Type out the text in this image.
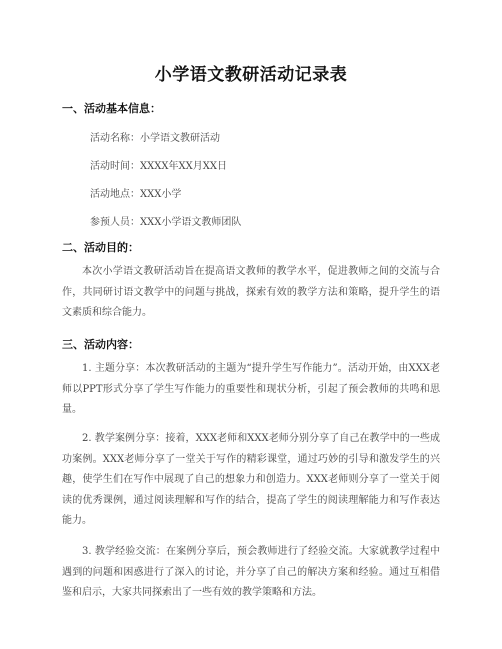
小学语文教研活动记录表
一、活动基本信息：

活动名称：小学语文教研活动

活动时间：XXXX年XX月XX日

活动地点：XXX小学

参预人员：XXX小学语文教师团队

二、活动目的：

本次小学语文教研活动旨在提高语文教师的教学水平，促进教师之间的交流与合作，共同研讨语文教学中的问题与挑战，探索有效的教学方法和策略，提升学生的语文素质和综合能力。

三、活动内容：

1. 主题分享：本次教研活动的主题为“提升学生写作能力”。活动开始，由XXX老师以PPT形式分享了学生写作能力的重要性和现状分析，引起了预会教师的共鸣和思量。

2. 教学案例分享：接着，XXX老师和XXX老师分别分享了自己在教学中的一些成功案例。XXX老师分享了一堂关于写作的精彩课堂，通过巧妙的引导和激发学生的兴趣，使学生们在写作中展现了自己的想象力和创造力。XXX老师则分享了一堂关于阅读的优秀课例，通过阅读理解和写作的结合，提高了学生的阅读理解能力和写作表达能力。

3. 教学经验交流：在案例分享后，预会教师进行了经验交流。大家就教学过程中遇到的问题和困惑进行了深入的讨论，并分享了自己的解决方案和经验。通过互相借鉴和启示，大家共同探索出了一些有效的教学策略和方法。
